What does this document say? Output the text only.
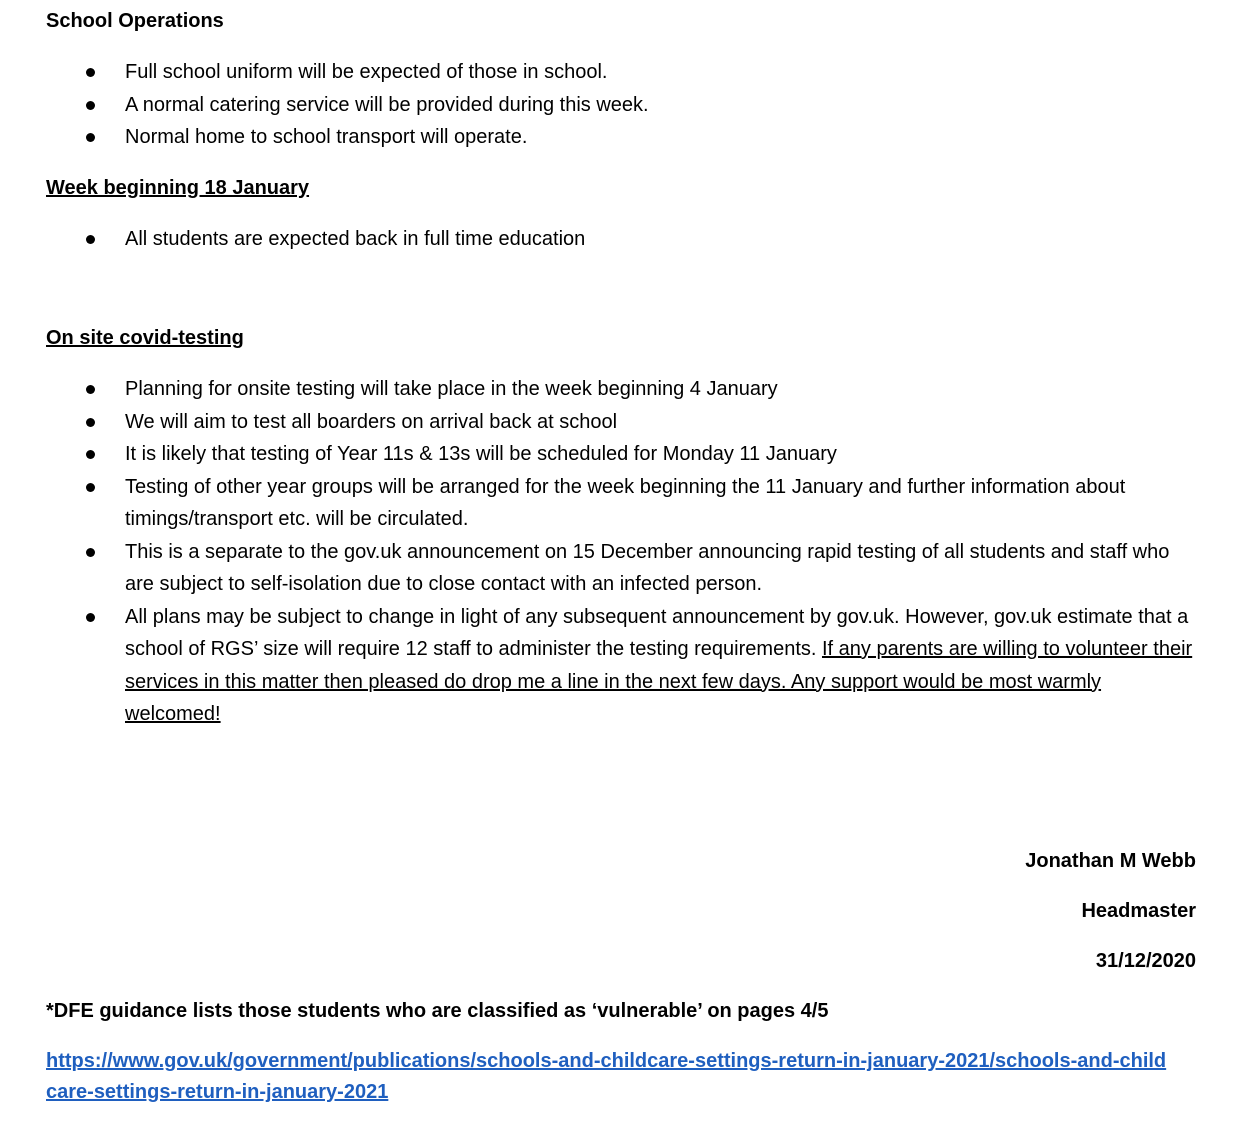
School Operations
Full school uniform will be expected of those in school.
A normal catering service will be provided during this week.
Normal home to school transport will operate.
Week beginning 18 January
All students are expected back in full time education
On site covid-testing
Planning for onsite testing will take place in the week beginning 4 January
We will aim to test all boarders on arrival back at school
It is likely that testing of Year 11s & 13s will be scheduled for Monday 11 January
Testing of other year groups will be arranged for the week beginning the 11 January and further information about timings/transport etc. will be circulated.
This is a separate to the gov.uk announcement on 15 December announcing rapid testing of all students and staff who are subject to self-isolation due to close contact with an infected person.
All plans may be subject to change in light of any subsequent announcement by gov.uk. However, gov.uk estimate that a school of RGS’ size will require 12 staff to administer the testing requirements. If any parents are willing to volunteer their services in this matter then pleased do drop me a line in the next few days. Any support would be most warmly welcomed!
Jonathan M Webb
Headmaster
31/12/2020
*DFE guidance lists those students who are classified as ‘vulnerable’ on pages 4/5
https://www.gov.uk/government/publications/schools-and-childcare-settings-return-in-january-2021/schools-and-childcare-settings-return-in-january-2021
